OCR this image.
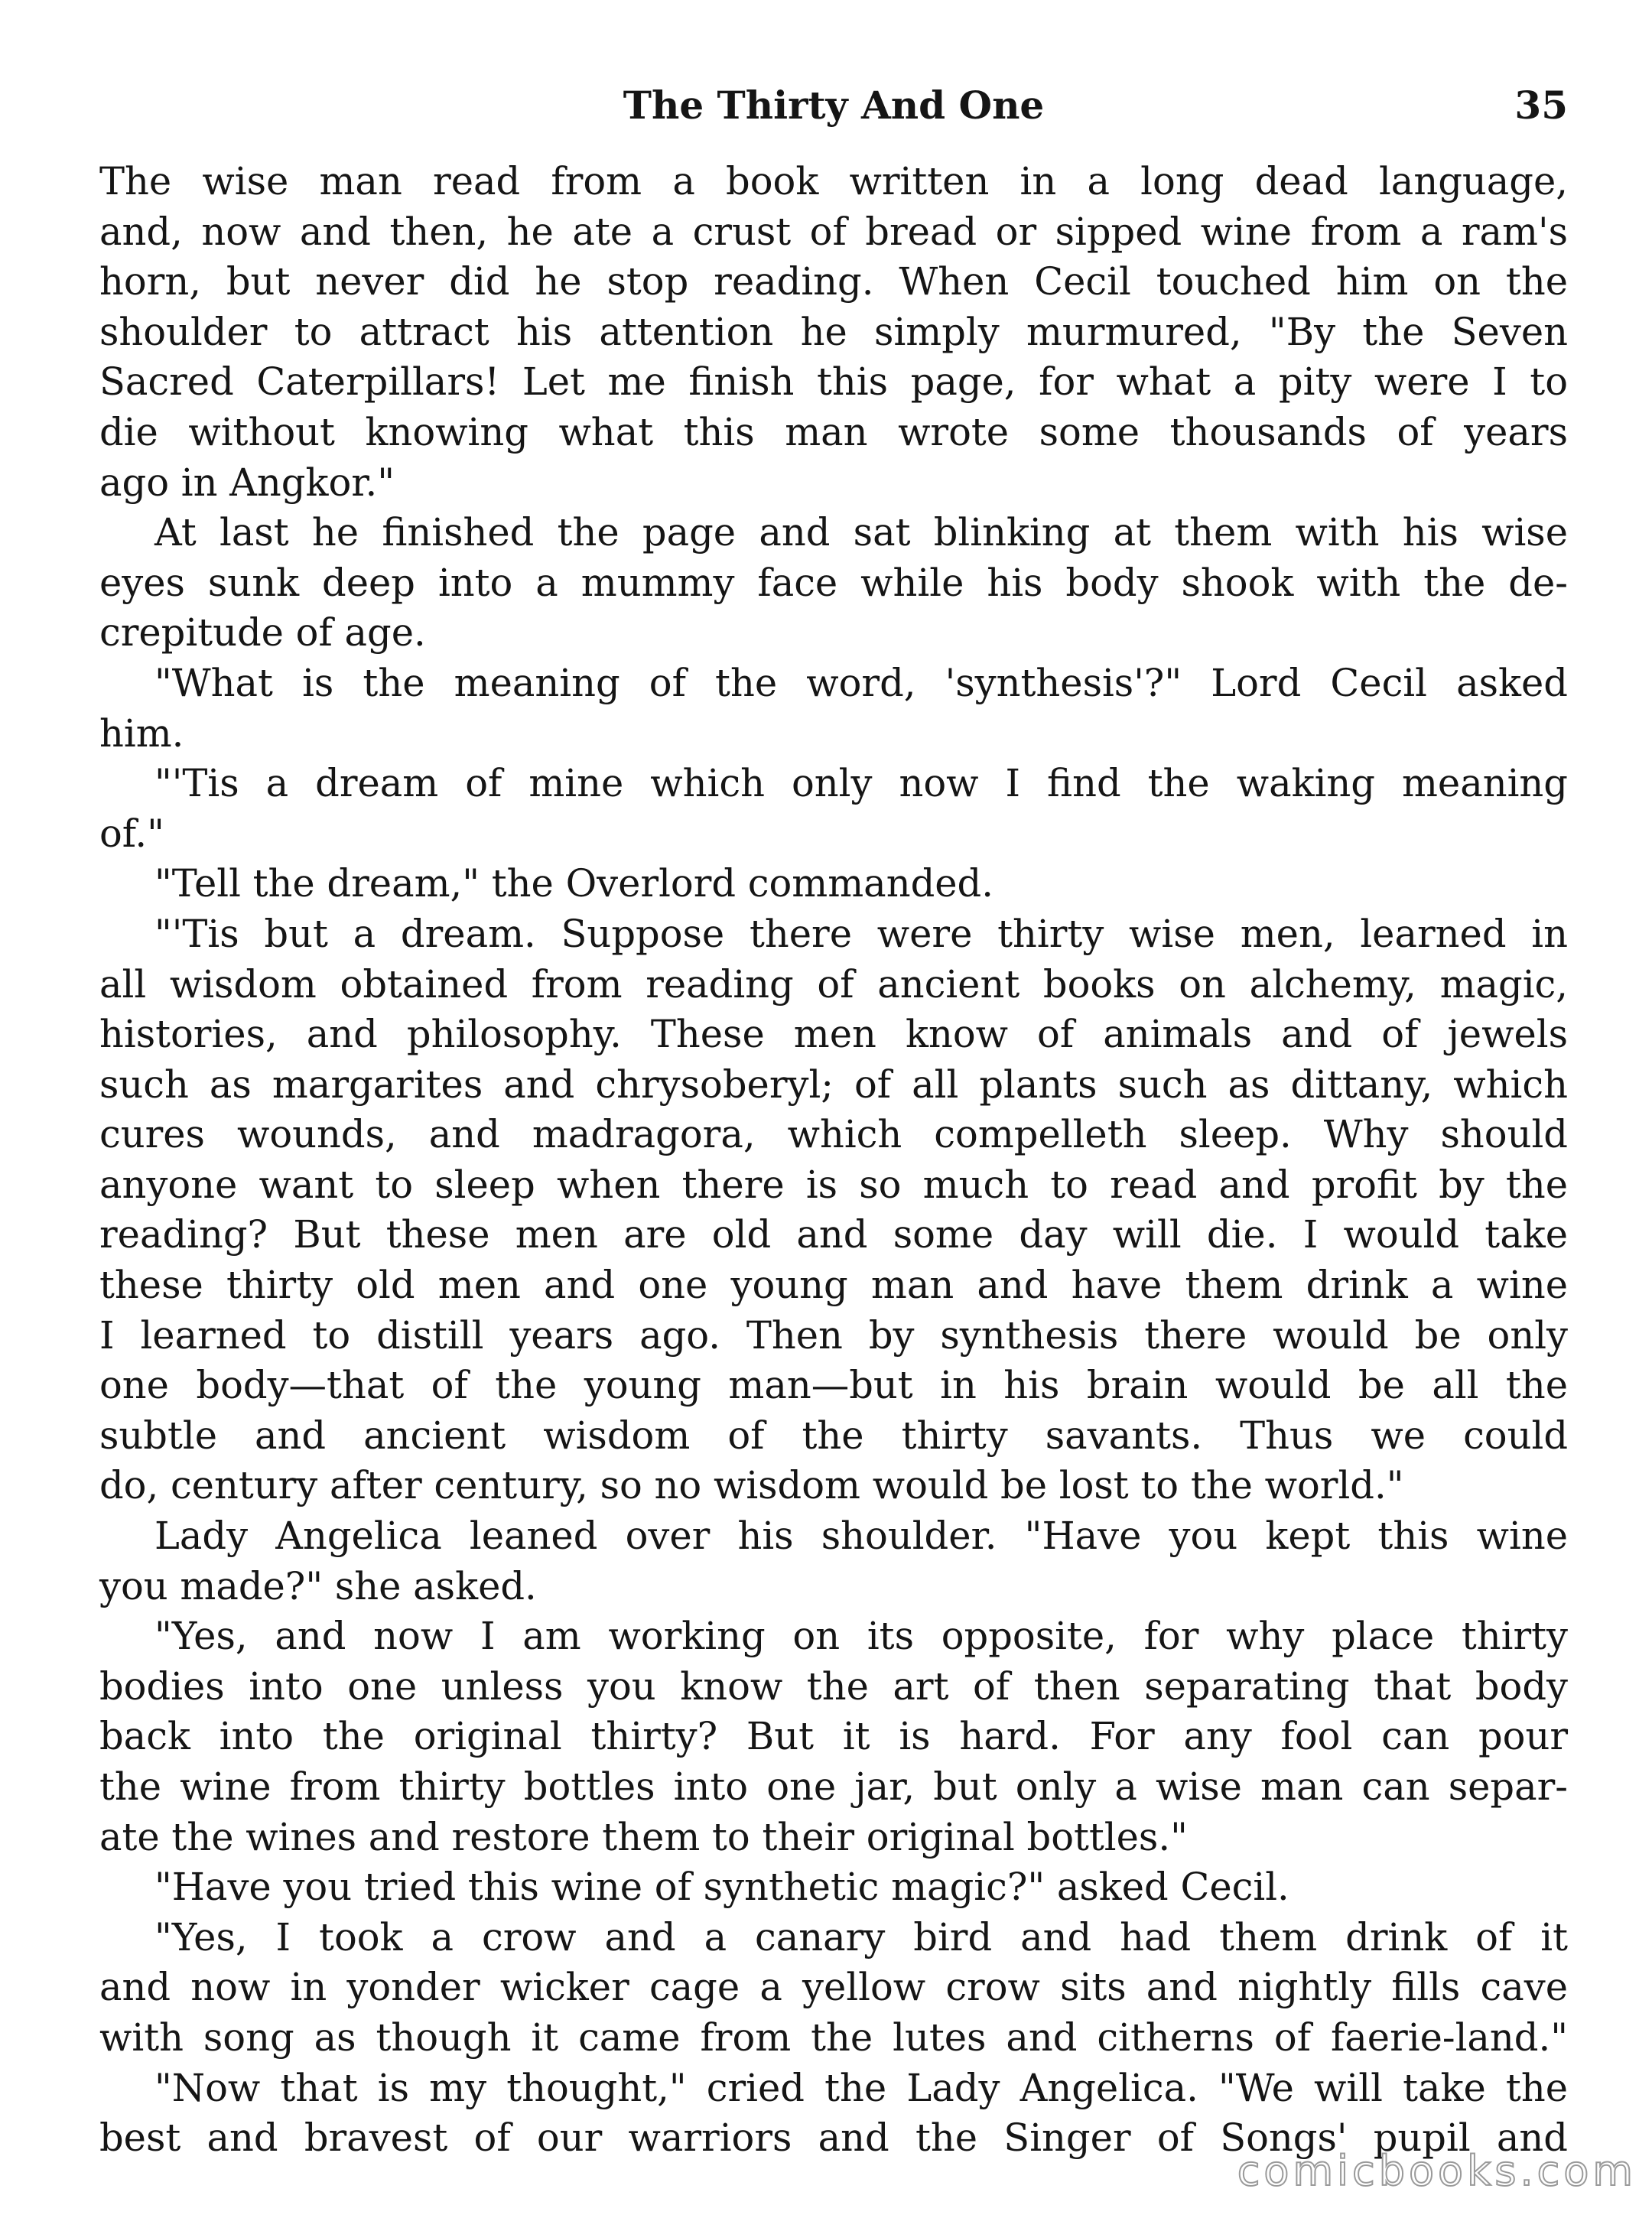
The Thirty And One	35
The wise man read from a book written in a long dead language,
and, now and then, he ate a crust of bread or sipped wine from a ram's
horn, but never did he stop reading. When Cecil touched him on the
shoulder to attract his attention he simply murmured, "By the Seven
Sacred Caterpillars! Let me finish this page, for what a pity were I to
die without knowing what this man wrote some thousands of years
ago in Angkor."
At last he finished the page and sat blinking at them with his wise
eyes sunk deep into a mummy face while his body shook with the de-
crepitude of age.
"What is the meaning of the word, 'synthesis'?" Lord Cecil asked
him.
"'Tis a dream of mine which only now I find the waking meaning
of."
"Tell the dream," the Overlord commanded.
"'Tis but a dream. Suppose there were thirty wise men, learned in
all wisdom obtained from reading of ancient books on alchemy, magic,
histories, and philosophy. These men know of animals and of jewels
such as margarites and chrysoberyl; of all plants such as dittany, which
cures wounds, and madragora, which compelleth sleep. Why should
anyone want to sleep when there is so much to read and profit by the
reading? But these men are old and some day will die. I would take
these thirty old men and one young man and have them drink a wine
I learned to distill years ago. Then by synthesis there would be only
one body—that of the young man—but in his brain would be all the
subtle and ancient wisdom of the thirty savants. Thus we could
do, century after century, so no wisdom would be lost to the world."
Lady Angelica leaned over his shoulder. "Have you kept this wine
you made?" she asked.
"Yes, and now I am working on its opposite, for why place thirty
bodies into one unless you know the art of then separating that body
back into the original thirty? But it is hard. For any fool can pour
the wine from thirty bottles into one jar, but only a wise man can separ-
ate the wines and restore them to their original bottles."
"Have you tried this wine of synthetic magic?" asked Cecil.
"Yes, I took a crow and a canary bird and had them drink of it
and now in yonder wicker cage a yellow crow sits and nightly fills cave
with song as though it came from the lutes and citherns of faerie-land."
"Now that is my thought," cried the Lady Angelica. "We will take the
best and bravest of our warriors and the Singer of Songs' pupil and
comicbooks.com
